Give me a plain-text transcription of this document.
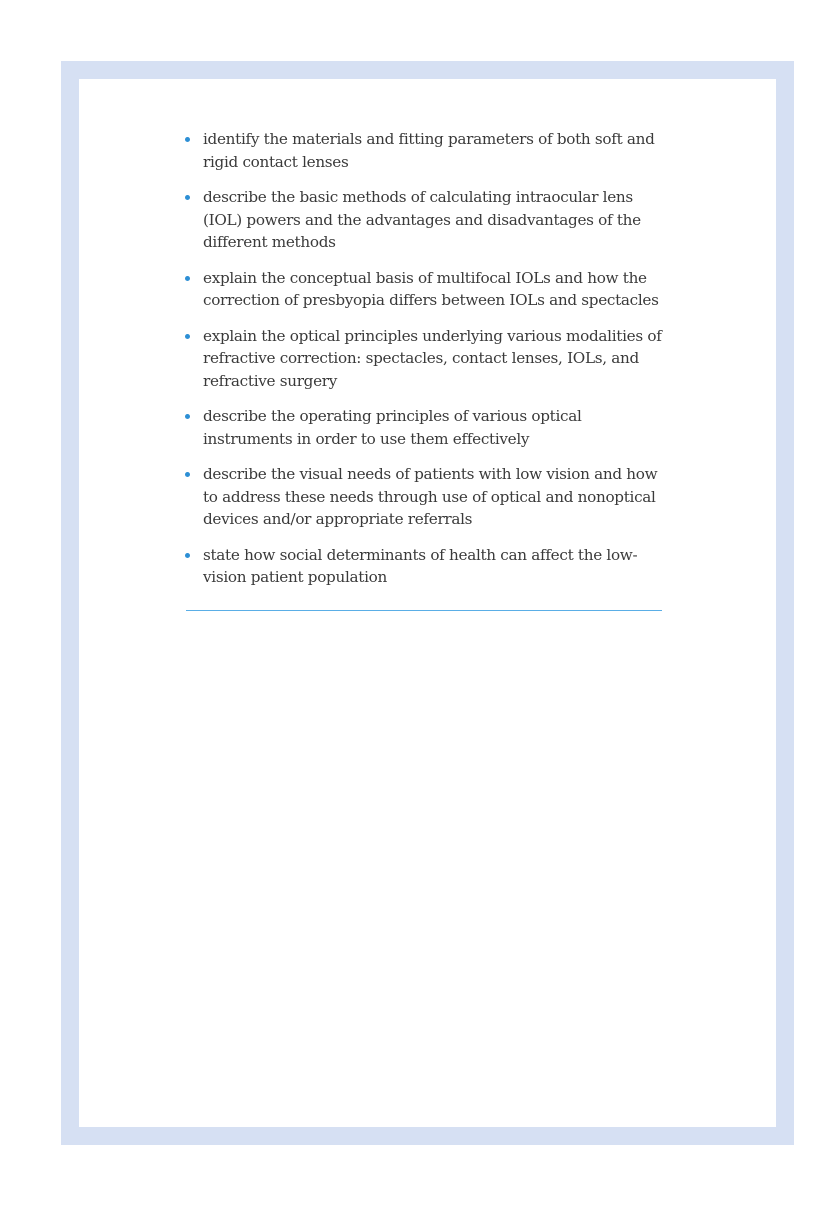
identify the materials and fitting parameters of both soft and rigid contact lenses
describe the basic methods of calculating intraocular lens (IOL) powers and the advantages and disadvantages of the different methods
explain the conceptual basis of multifocal IOLs and how the correction of presbyopia differs between IOLs and spectacles
explain the optical principles underlying various modalities of refractive correction: spectacles, contact lenses, IOLs, and refractive surgery
describe the operating principles of various optical instruments in order to use them effectively
describe the visual needs of patients with low vision and how to address these needs through use of optical and nonoptical devices and/or appropriate referrals
state how social determinants of health can affect the low-vision patient population
